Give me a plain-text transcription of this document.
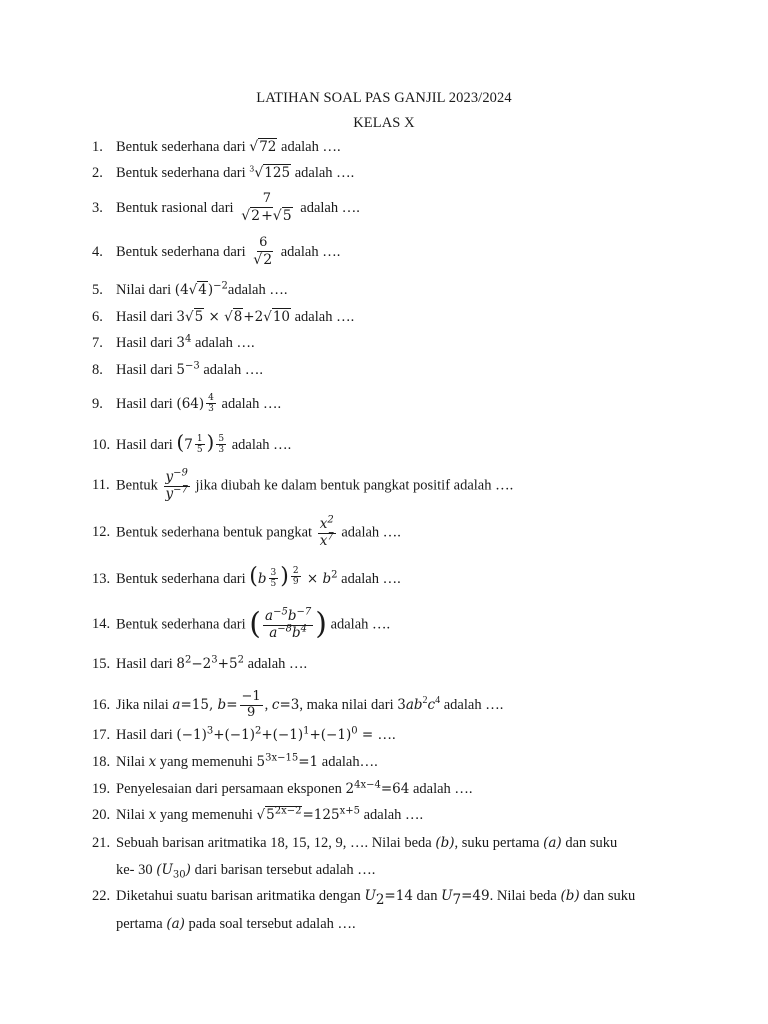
LATIHAN SOAL PAS GANJIL 2023/2024
KELAS X
1. Bentuk sederhana dari √72 adalah ….
2. Bentuk sederhana dari $^3$√125 adalah ….
3. Bentuk rasional dari $\frac{7}{√2+√5}$ adalah ….
4. Bentuk sederhana dari $\frac{6}{√2}$ adalah ….
5. Nilai dari $(4√4)^{-2}adalah$ ….
6. Hasil dari 3√5 × √8+2√10 adalah ….
7. Hasil dari $3^4$ adalah ….
8. Hasil dari $5^{-3}$ adalah ….
9. Hasil dari $(64) \frac{4}{3}$ adalah ….
10. Hasil dari ($7 \frac{1}{5}$ ) $\frac{5}{3}$ adalah ….
11. Bentuk $\frac{y^{-9}}{y^{-7}}$ jika diubah ke dalam bentuk pangkat positif adalah ….
12. Bentuk sederhana bentuk pangkat $\frac{x^2}{x^7}$ adalah ….
13. Bentuk sederhana dari ($b \frac{3}{5}$ ) $\frac{2}{9} \times b^2$ adalah ….
14. Bentuk sederhana dari ( $\frac{a^{-5}b^{-7}}{a^{-8}b^4}$ ) adalah ….
15. Hasil dari $8^2-2^3+5^2$ adalah ….
16. Jika nilai a=15, $b= \frac{-1}{9}$ , c=3, maka nilai dari $3ab^2c^4$ adalah ….
17. Hasil dari $(-1)^3+(-1)^2+(-1)^1+(-1)^0$ = ….
18. Nilai x yang memenuhi $5^{3x-15}=1$ adalah….
19. Penyelesaian dari persamaan eksponen $2^{4x-4}=64$ adalah ….
20. Nilai x yang memenuhi $√5^{2x-2}=125^{x+5}$ adalah ….
21. Sebuah barisan aritmatika 18, 15, 12, 9, …. Nilai beda (b), suku pertama (a) dan suku
ke- 30 $(U_{30})$ dari barisan tersebut adalah ….
22. Diketahui suatu barisan aritmatika dengan $U_2=14$ dan $U_7=49$. Nilai beda (b) dan suku
pertama (a) pada soal tersebut adalah ….
